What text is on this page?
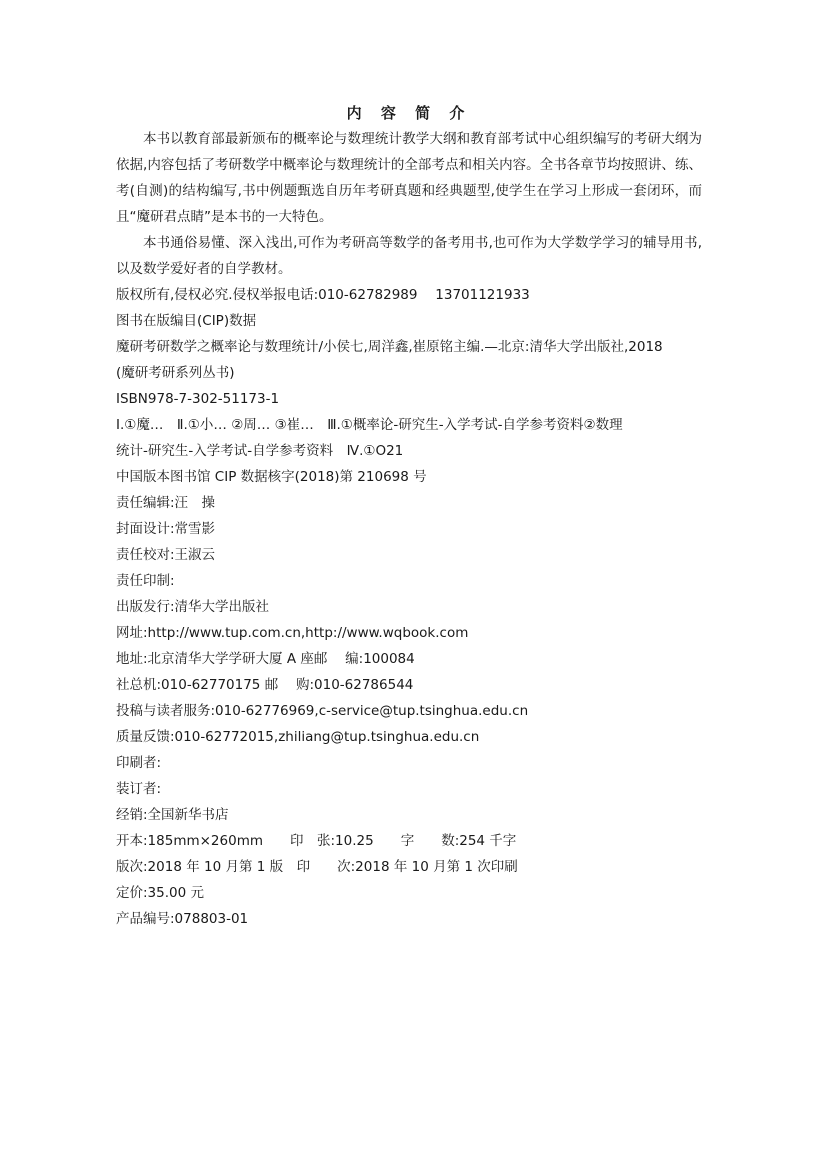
内 容 简 介

本书以教育部最新颁布的概率论与数理统计教学大纲和教育部考试中心组织编写的考研大纲为依据,内容包括了考研数学中概率论与数理统计的全部考点和相关内容。全书各章节均按照讲、练、考(自测)的结构编写,书中例题甄选自历年考研真题和经典题型,使学生在学习上形成一套闭环，而且“魔研君点睛”是本书的一大特色。

本书通俗易懂、深入浅出,可作为考研高等数学的备考用书,也可作为大学数学学习的辅导用书,以及数学爱好者的自学教材。

版权所有,侵权必究.侵权举报电话:010-62782989　 13701121933
图书在版编目(CIP)数据
魔研考研数学之概率论与数理统计/小侯七,周洋鑫,崔原铭主编.—北京:清华大学出版社,2018
(魔研考研系列丛书)
ISBN978-7-302-51173-1
Ⅰ.①魔…　Ⅱ.①小… ②周… ③崔…　Ⅲ.①概率论-研究生-入学考试-自学参考资料②数理
统计-研究生-入学考试-自学参考资料　Ⅳ.①O21
中国版本图书馆 CIP 数据核字(2018)第 210698 号
责任编辑:汪　操
封面设计:常雪影
责任校对:王淑云
责任印制:
出版发行:清华大学出版社
网址:http://www.tup.com.cn,http://www.wqbook.com
地址:北京清华大学学研大厦 A 座邮　 编:100084
社总机:010-62770175 邮　 购:010-62786544
投稿与读者服务:010-62776969,c-service@tup.tsinghua.edu.cn
质量反馈:010-62772015,zhiliang@tup.tsinghua.edu.cn
印刷者:
装订者:
经销:全国新华书店
开本:185mm×260mm　　印　张:10.25　　字　　数:254 千字
版次:2018 年 10 月第 1 版　印　　次:2018 年 10 月第 1 次印刷
定价:35.00 元
产品编号:078803-01
